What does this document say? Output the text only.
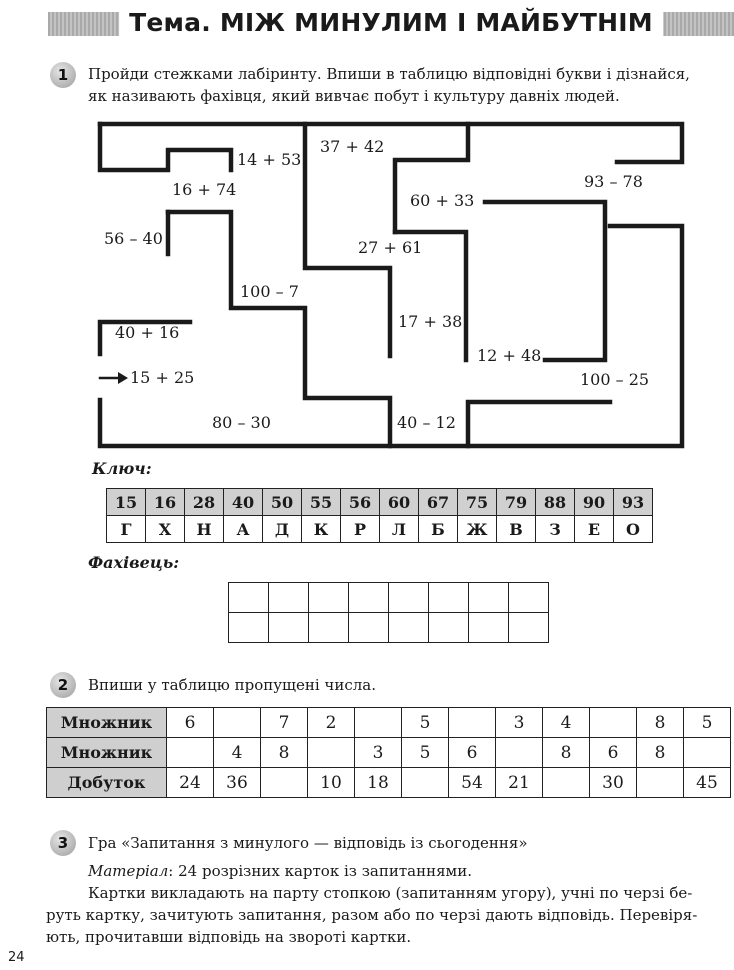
Тема. МІЖ МИНУЛИМ І МАЙБУТНІМ
1	Пройди стежками лабіринту. Впиши в таблицю відповідні букви і дізнайся,
як називають фахівця, який вивчає побут і культуру давніх людей.
15 + 25
40 + 16
56 – 40
16 + 74
14 + 53
100 – 7
80 – 30
37 + 42
27 + 61
60 + 33
17 + 38
40 – 12
12 + 48
93 – 78
100 – 25
Ключ:
15	16	28	40	50	55	56	60	67	75	79	88	90	93
Г	Х	Н	А	Д	К	Р	Л	Б	Ж	В	З	Е	О
Фахівець:

2	Впиши у таблицю пропущені числа.
Множник	6		7	2		5		3	4		8	5
Множник		4	8		3	5	6		8	6	8	
Добуток	24	36		10	18		54	21		30		45
3	Гра «Запитання з минулого — відповідь із сьогодення»
Матеріал: 24 розрізних карток із запитаннями.
Картки викладають на парту стопкою (запитанням угору), учні по черзі бе-
руть картку, зачитують запитання, разом або по черзі дають відповідь. Перевіря-
ють, прочитавши відповідь на звороті картки.
24
